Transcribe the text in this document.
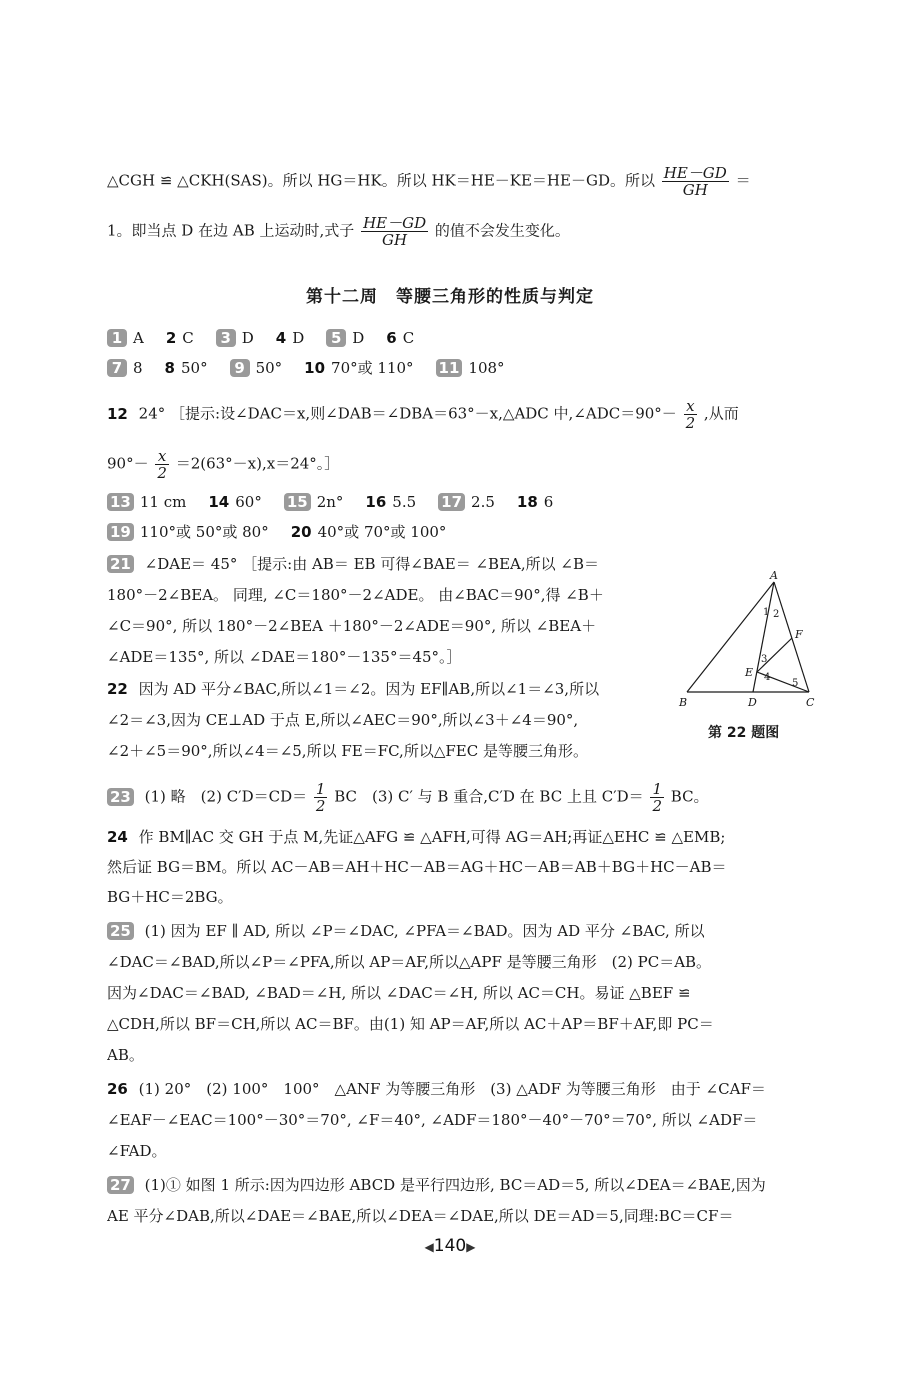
△CGH ≌ △CKH(SAS)。所以 HG＝HK。所以 HK＝HE－KE＝HE－GD。所以 $\frac{HE-GD}{GH}$ ＝
1。即当点 D 在边 AB 上运动时,式子 $\frac{HE-GD}{GH}$ 的值不会发生变化。
第十二周　等腰三角形的性质与判定
1 A 2 C 3 D 4 D 5 D 6 C
7 8 8 50° 9 50° 10 70°或 110° 11 108°
12 24° ［提示:设∠DAC＝x,则∠DAB＝∠DBA＝63°－x,△ADC 中,∠ADC＝90°－ $\frac{x}{2}$ ,从而
$90^\circ- \frac{x}{2} =2(63^\circ-x),x=24^\circ$。］
13 11 cm 14 60° 15 2n° 16 5.5 17 2.5 18 6
19 110°或 50°或 80° 20 40°或 70°或 100°
21 ∠DAE＝ 45° ［提示:由 AB＝ EB 可得∠BAE＝ ∠BEA,所以 ∠B＝
180°－2∠BEA。 同理, ∠C＝180°－2∠ADE。 由∠BAC＝90°,得 ∠B＋
∠C＝90°, 所以 180°－2∠BEA ＋180°－2∠ADE＝90°, 所以 ∠BEA＋
∠ADE＝135°, 所以 ∠DAE＝180°－135°＝45°。］
22 因为 AD 平分∠BAC,所以∠1＝∠2。因为 EF∥AB,所以∠1＝∠3,所以
∠2＝∠3,因为 CE⊥AD 于点 E,所以∠AEC＝90°,所以∠3＋∠4＝90°,
∠2＋∠5＝90°,所以∠4＝∠5,所以 FE＝FC,所以△FEC 是等腰三角形。
A
B	C
D
E
F
1 2
3
4
5
第 22 题图
23 (1) 略　(2) $C'D=CD= \frac{1}{2}$ BC　(3) C′ 与 B 重合,C′D 在 BC 上且 $C'D= \frac{1}{2}$ BC。
24 作 BM∥AC 交 GH 于点 M,先证△AFG ≌ △AFH,可得 AG＝AH;再证△EHC ≌ △EMB;
然后证 BG＝BM。所以 AC－AB＝AH＋HC－AB＝AG＋HC－AB＝AB＋BG＋HC－AB＝
BG＋HC＝2BG。
25 (1) 因为 EF ∥ AD, 所以 ∠P＝∠DAC, ∠PFA＝∠BAD。因为 AD 平分 ∠BAC, 所以
∠DAC＝∠BAD,所以∠P＝∠PFA,所以 AP＝AF,所以△APF 是等腰三角形　(2) PC＝AB。
因为∠DAC＝∠BAD, ∠BAD＝∠H, 所以 ∠DAC＝∠H, 所以 AC＝CH。易证 △BEF ≌
△CDH,所以 BF＝CH,所以 AC＝BF。由(1) 知 AP＝AF,所以 AC＋AP＝BF＋AF,即 PC＝
AB。
26 (1) 20°　(2) 100°　100°　△ANF 为等腰三角形　(3) △ADF 为等腰三角形　由于 ∠CAF＝
∠EAF－∠EAC＝100°－30°＝70°, ∠F＝40°, ∠ADF＝180°－40°－70°＝70°, 所以 ∠ADF＝
∠FAD。
27 (1)① 如图 1 所示:因为四边形 ABCD 是平行四边形, BC＝AD＝5, 所以∠DEA＝∠BAE,因为
AE 平分∠DAB,所以∠DAE＝∠BAE,所以∠DEA＝∠DAE,所以 DE＝AD＝5,同理:BC＝CF＝
◀140▶
